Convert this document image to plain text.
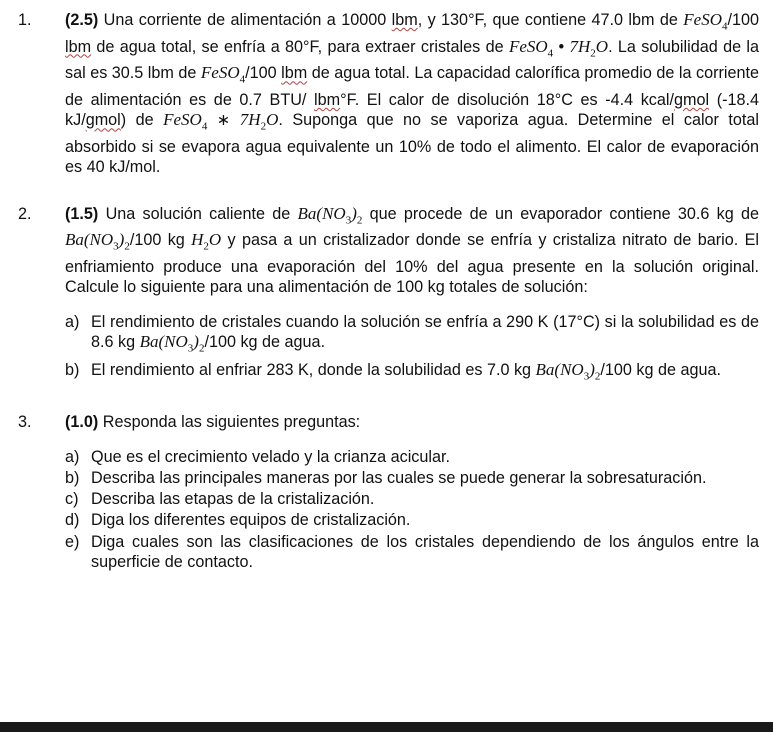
1.	(2.5) Una corriente de alimentación a 10000 lbm, y 130°F, que contiene 47.0 lbm de FeSO$_4$/100 lbm de agua total, se enfría a 80°F, para extraer cristales de FeSO$_4$ • $7H_2O$. La solubilidad de la sal es 30.5 lbm de FeSO$_4$/100 lbm de agua total. La capacidad calorífica promedio de la corriente de alimentación es de 0.7 BTU/ lbm°F. El calor de disolución 18°C es -4.4 kcal/gmol (-18.4 kJ/gmol) de FeSO$_4$ ∗ $7H_2O$. Suponga que no se vaporiza agua. Determine el calor total absorbido si se evapora agua equivalente un 10% de todo el alimento. El calor de evaporación es 40 kJ/mol.
2.	(1.5) Una solución caliente de $Ba(NO_3)_2$ que procede de un evaporador contiene 30.6 kg de $Ba(NO_3)_2/100$ kg $H_2O$ y pasa a un cristalizador donde se enfría y cristaliza nitrato de bario. El enfriamiento produce una evaporación del 10% del agua presente en la solución original. Calcule lo siguiente para una alimentación de 100 kg totales de solución:
a) El rendimiento de cristales cuando la solución se enfría a 290 K (17°C) si la solubilidad es de 8.6 kg $Ba(NO_3)_2/100$ kg de agua.
b) El rendimiento al enfriar 283 K, donde la solubilidad es 7.0 kg $Ba(NO_3)_2/100$ kg de agua.
3.	(1.0) Responda las siguientes preguntas:
a) Que es el crecimiento velado y la crianza acicular.
b) Describa las principales maneras por las cuales se puede generar la sobresaturación.
c) Describa las etapas de la cristalización.
d) Diga los diferentes equipos de cristalización.
e) Diga cuales son las clasificaciones de los cristales dependiendo de los ángulos entre la superficie de contacto.
